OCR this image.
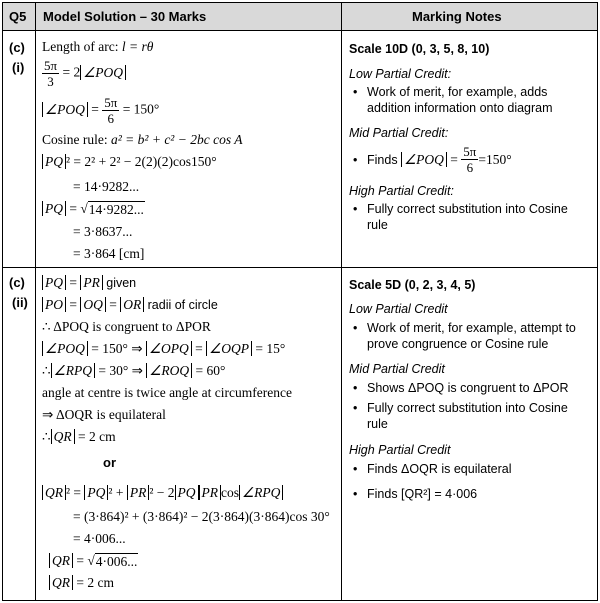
Q5 Model Solution – 30 Marks	Marking Notes
(c)
(i)
Length of arc: l = rθ
$\frac{5\pi}{3} = 2$ ∠POQ
∠POQ = $\frac{5\pi}{6} = 150^\circ$
Cosine rule: a² = b² + c² − 2bc cos A
PQ ² = 2² + 2² − 2(2)(2)cos150°
= 14·9282...
PQ = √ 14·9282...
= 3·8637...
= 3·864 [cm]
Scale 10D (0, 3, 5, 8, 10)
Low Partial Credit:
• Work of merit, for example, adds
addition information onto diagram
Mid Partial Credit:
• Finds
∠POQ = $\frac{5\pi}{6} =150^\circ$
High Partial Credit:
• Fully correct substitution into Cosine
rule
(c)
(ii)
PQ = PR given
PO = OQ = OR radii of circle
∴ ΔPOQ is congruent to ΔPOR
∠POQ = 150° ⇒ ∠OPQ = ∠OQP = 15°
∴ ∠RPQ = 30° ⇒ ∠ROQ = 60°
angle at centre is twice angle at circumference
⇒ ΔOQR is equilateral
∴ QR = 2 cm
or
QR ² = PQ ² + PR ² − 2 PQ PR cos ∠RPQ
= (3·864)² + (3·864)² − 2(3·864)(3·864)cos 30°
= 4·006...
QR = √ 4·006...
QR = 2 cm
Scale 5D (0, 2, 3, 4, 5)
Low Partial Credit
• Work of merit, for example, attempt to
prove congruence or Cosine rule
Mid Partial Credit
• Shows ΔPOQ is congruent to ΔPOR
• Fully correct substitution into Cosine
rule
High Partial Credit
• Finds ΔOQR is equilateral
• Finds [QR²] = 4·006
